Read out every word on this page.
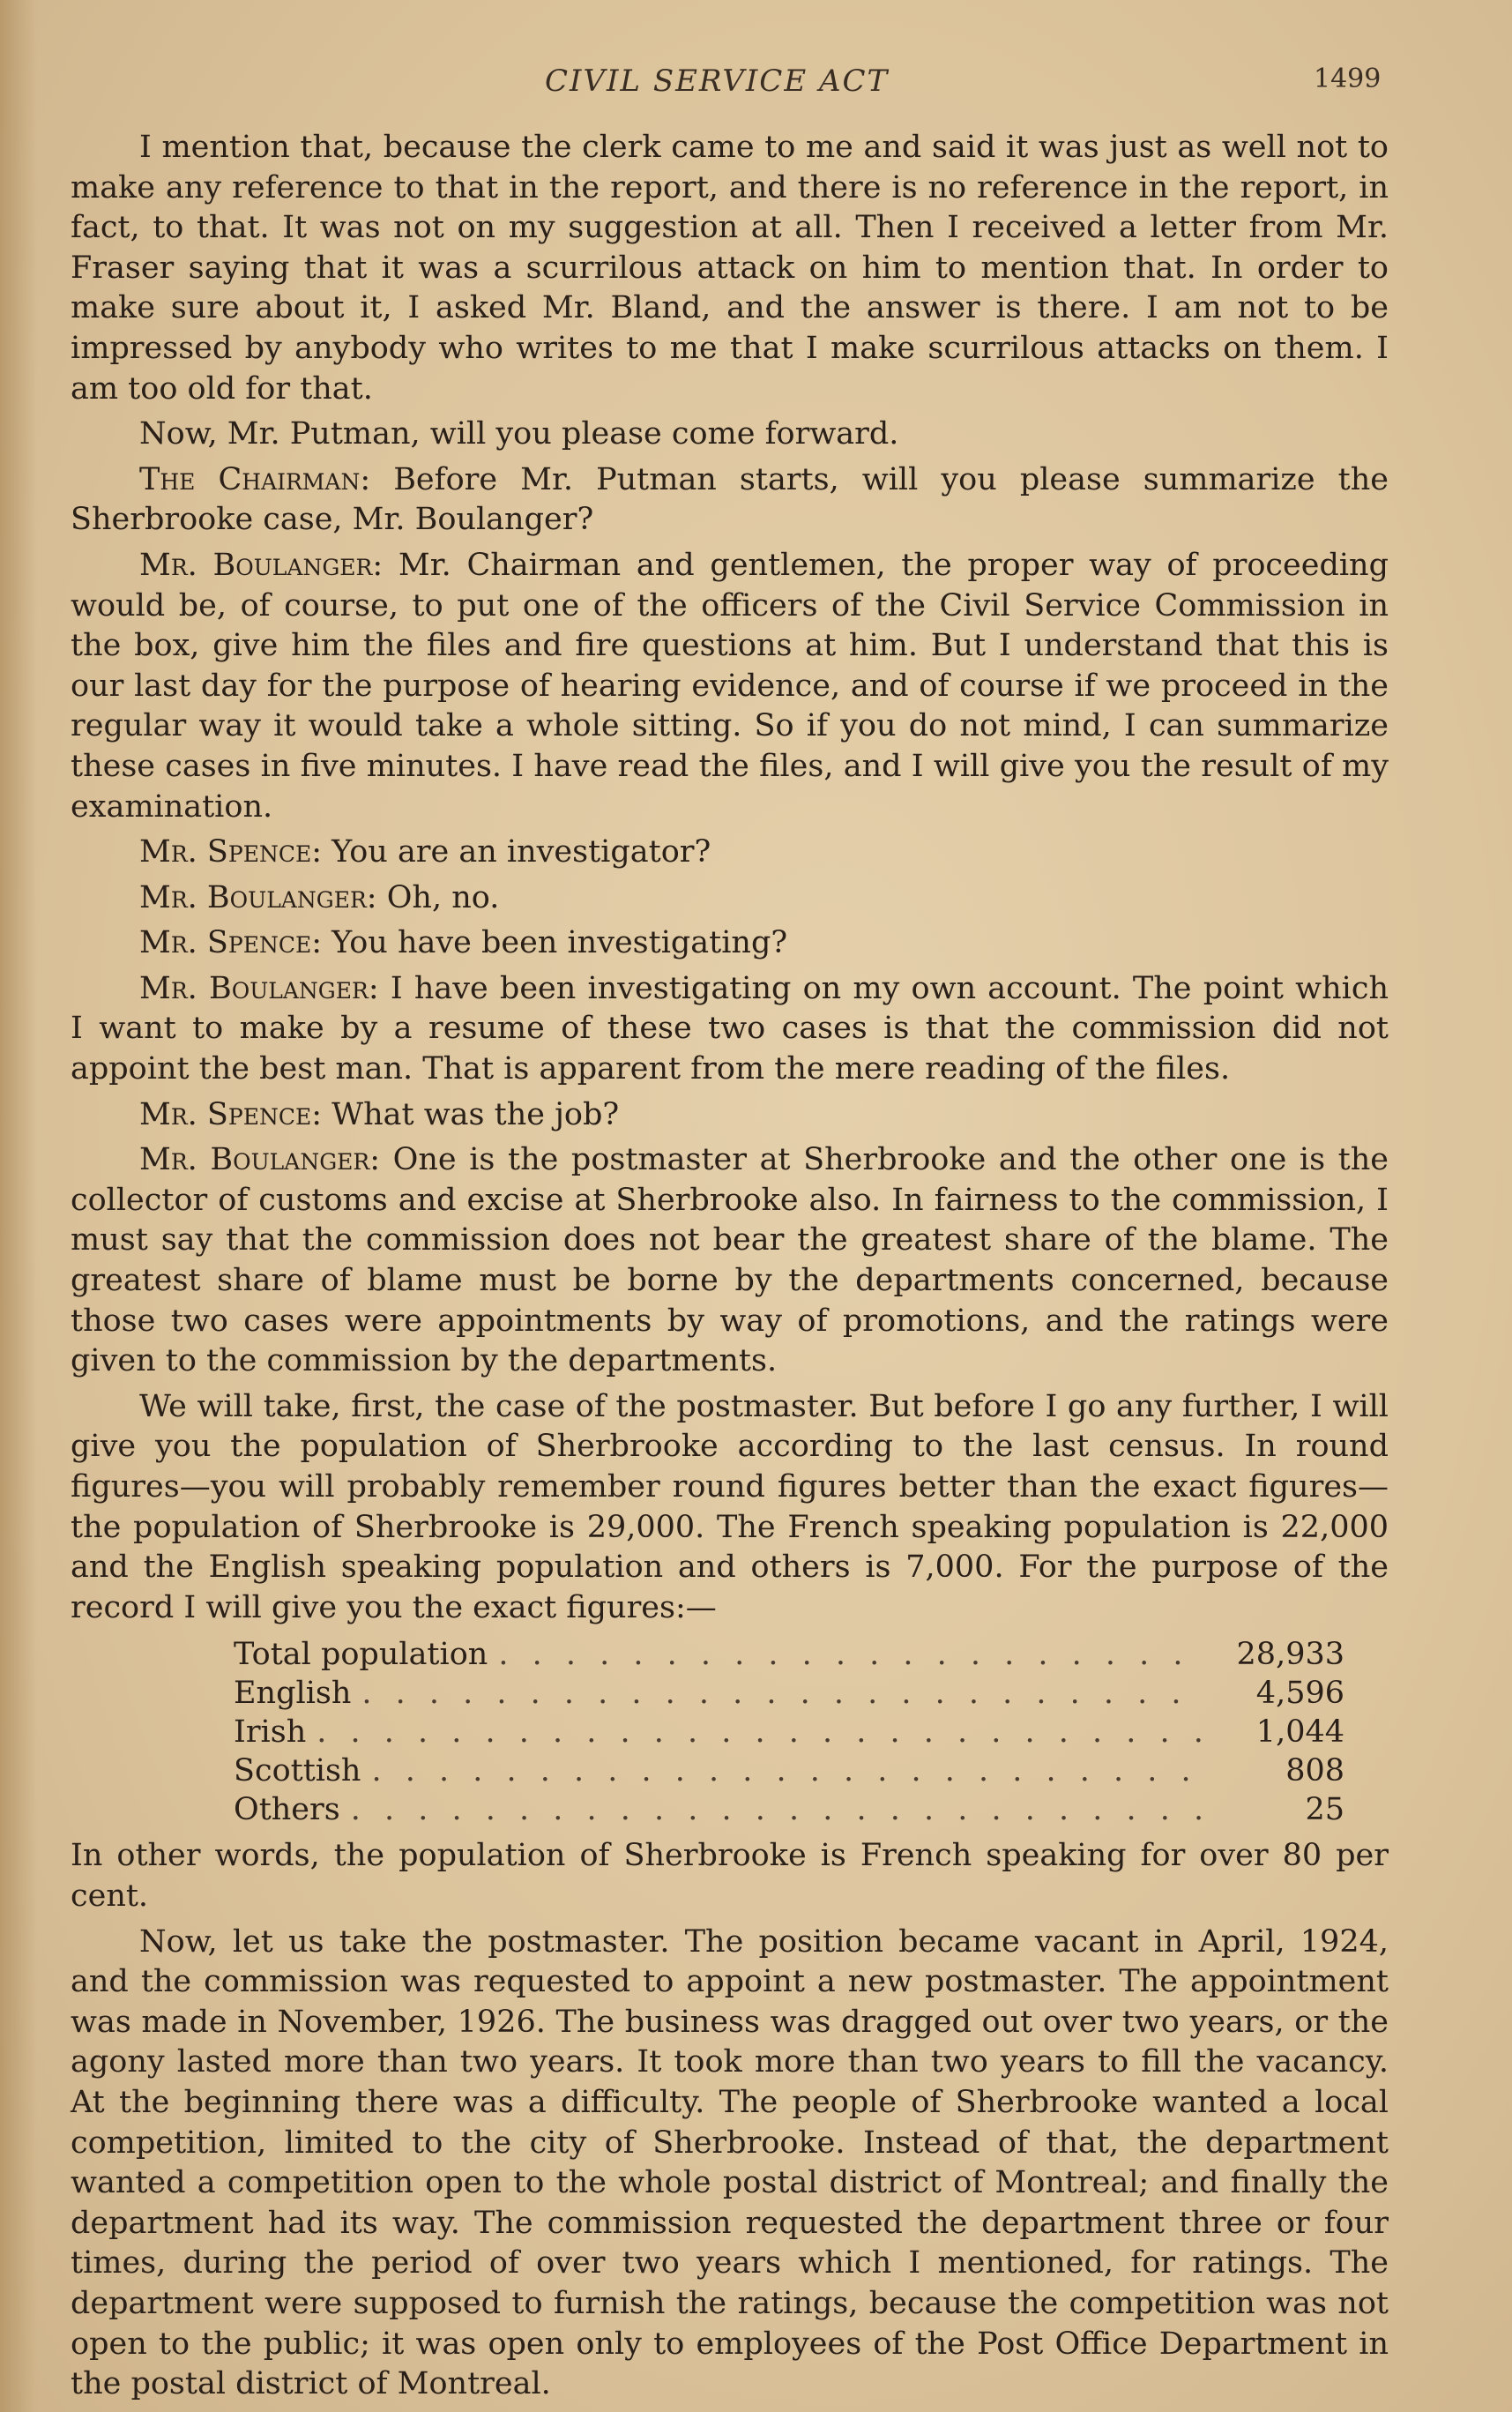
CIVIL SERVICE ACT	1499

I mention that, because the clerk came to me and said it was just as well not to make any reference to that in the report, and there is no reference in the report, in fact, to that. It was not on my suggestion at all. Then I received a letter from Mr. Fraser saying that it was a scurrilous attack on him to mention that. In order to make sure about it, I asked Mr. Bland, and the answer is there. I am not to be impressed by anybody who writes to me that I make scurrilous attacks on them. I am too old for that.

Now, Mr. Putman, will you please come forward.

The Chairman: Before Mr. Putman starts, will you please summarize the Sherbrooke case, Mr. Boulanger?

Mr. Boulanger: Mr. Chairman and gentlemen, the proper way of proceeding would be, of course, to put one of the officers of the Civil Service Commission in the box, give him the files and fire questions at him. But I understand that this is our last day for the purpose of hearing evidence, and of course if we proceed in the regular way it would take a whole sitting. So if you do not mind, I can summarize these cases in five minutes. I have read the files, and I will give you the result of my examination.

Mr. Spence: You are an investigator?

Mr. Boulanger: Oh, no.

Mr. Spence: You have been investigating?

Mr. Boulanger: I have been investigating on my own account. The point which I want to make by a resume of these two cases is that the commission did not appoint the best man. That is apparent from the mere reading of the files.

Mr. Spence: What was the job?

Mr. Boulanger: One is the postmaster at Sherbrooke and the other one is the collector of customs and excise at Sherbrooke also. In fairness to the commission, I must say that the commission does not bear the greatest share of the blame. The greatest share of blame must be borne by the departments concerned, because those two cases were appointments by way of promotions, and the ratings were given to the commission by the departments.

We will take, first, the case of the postmaster. But before I go any further, I will give you the population of Sherbrooke according to the last census. In round figures—you will probably remember round figures better than the exact figures—the population of Sherbrooke is 29,000. The French speaking population is 22,000 and the English speaking population and others is 7,000. For the purpose of the record I will give you the exact figures:—

Total population . . .	28,933
English . . .	4,596
Irish . . .	1,044
Scottish . . .	808
Others . . .	25

In other words, the population of Sherbrooke is French speaking for over 80 per cent.

Now, let us take the postmaster. The position became vacant in April, 1924, and the commission was requested to appoint a new postmaster. The appointment was made in November, 1926. The business was dragged out over two years, or the agony lasted more than two years. It took more than two years to fill the vacancy. At the beginning there was a difficulty. The people of Sherbrooke wanted a local competition, limited to the city of Sherbrooke. Instead of that, the department wanted a competition open to the whole postal district of Montreal; and finally the department had its way. The commission requested the department three or four times, during the period of over two years which I mentioned, for ratings. The department were supposed to furnish the ratings, because the competition was not open to the public; it was open only to employees of the Post Office Department in the postal district of Montreal.
